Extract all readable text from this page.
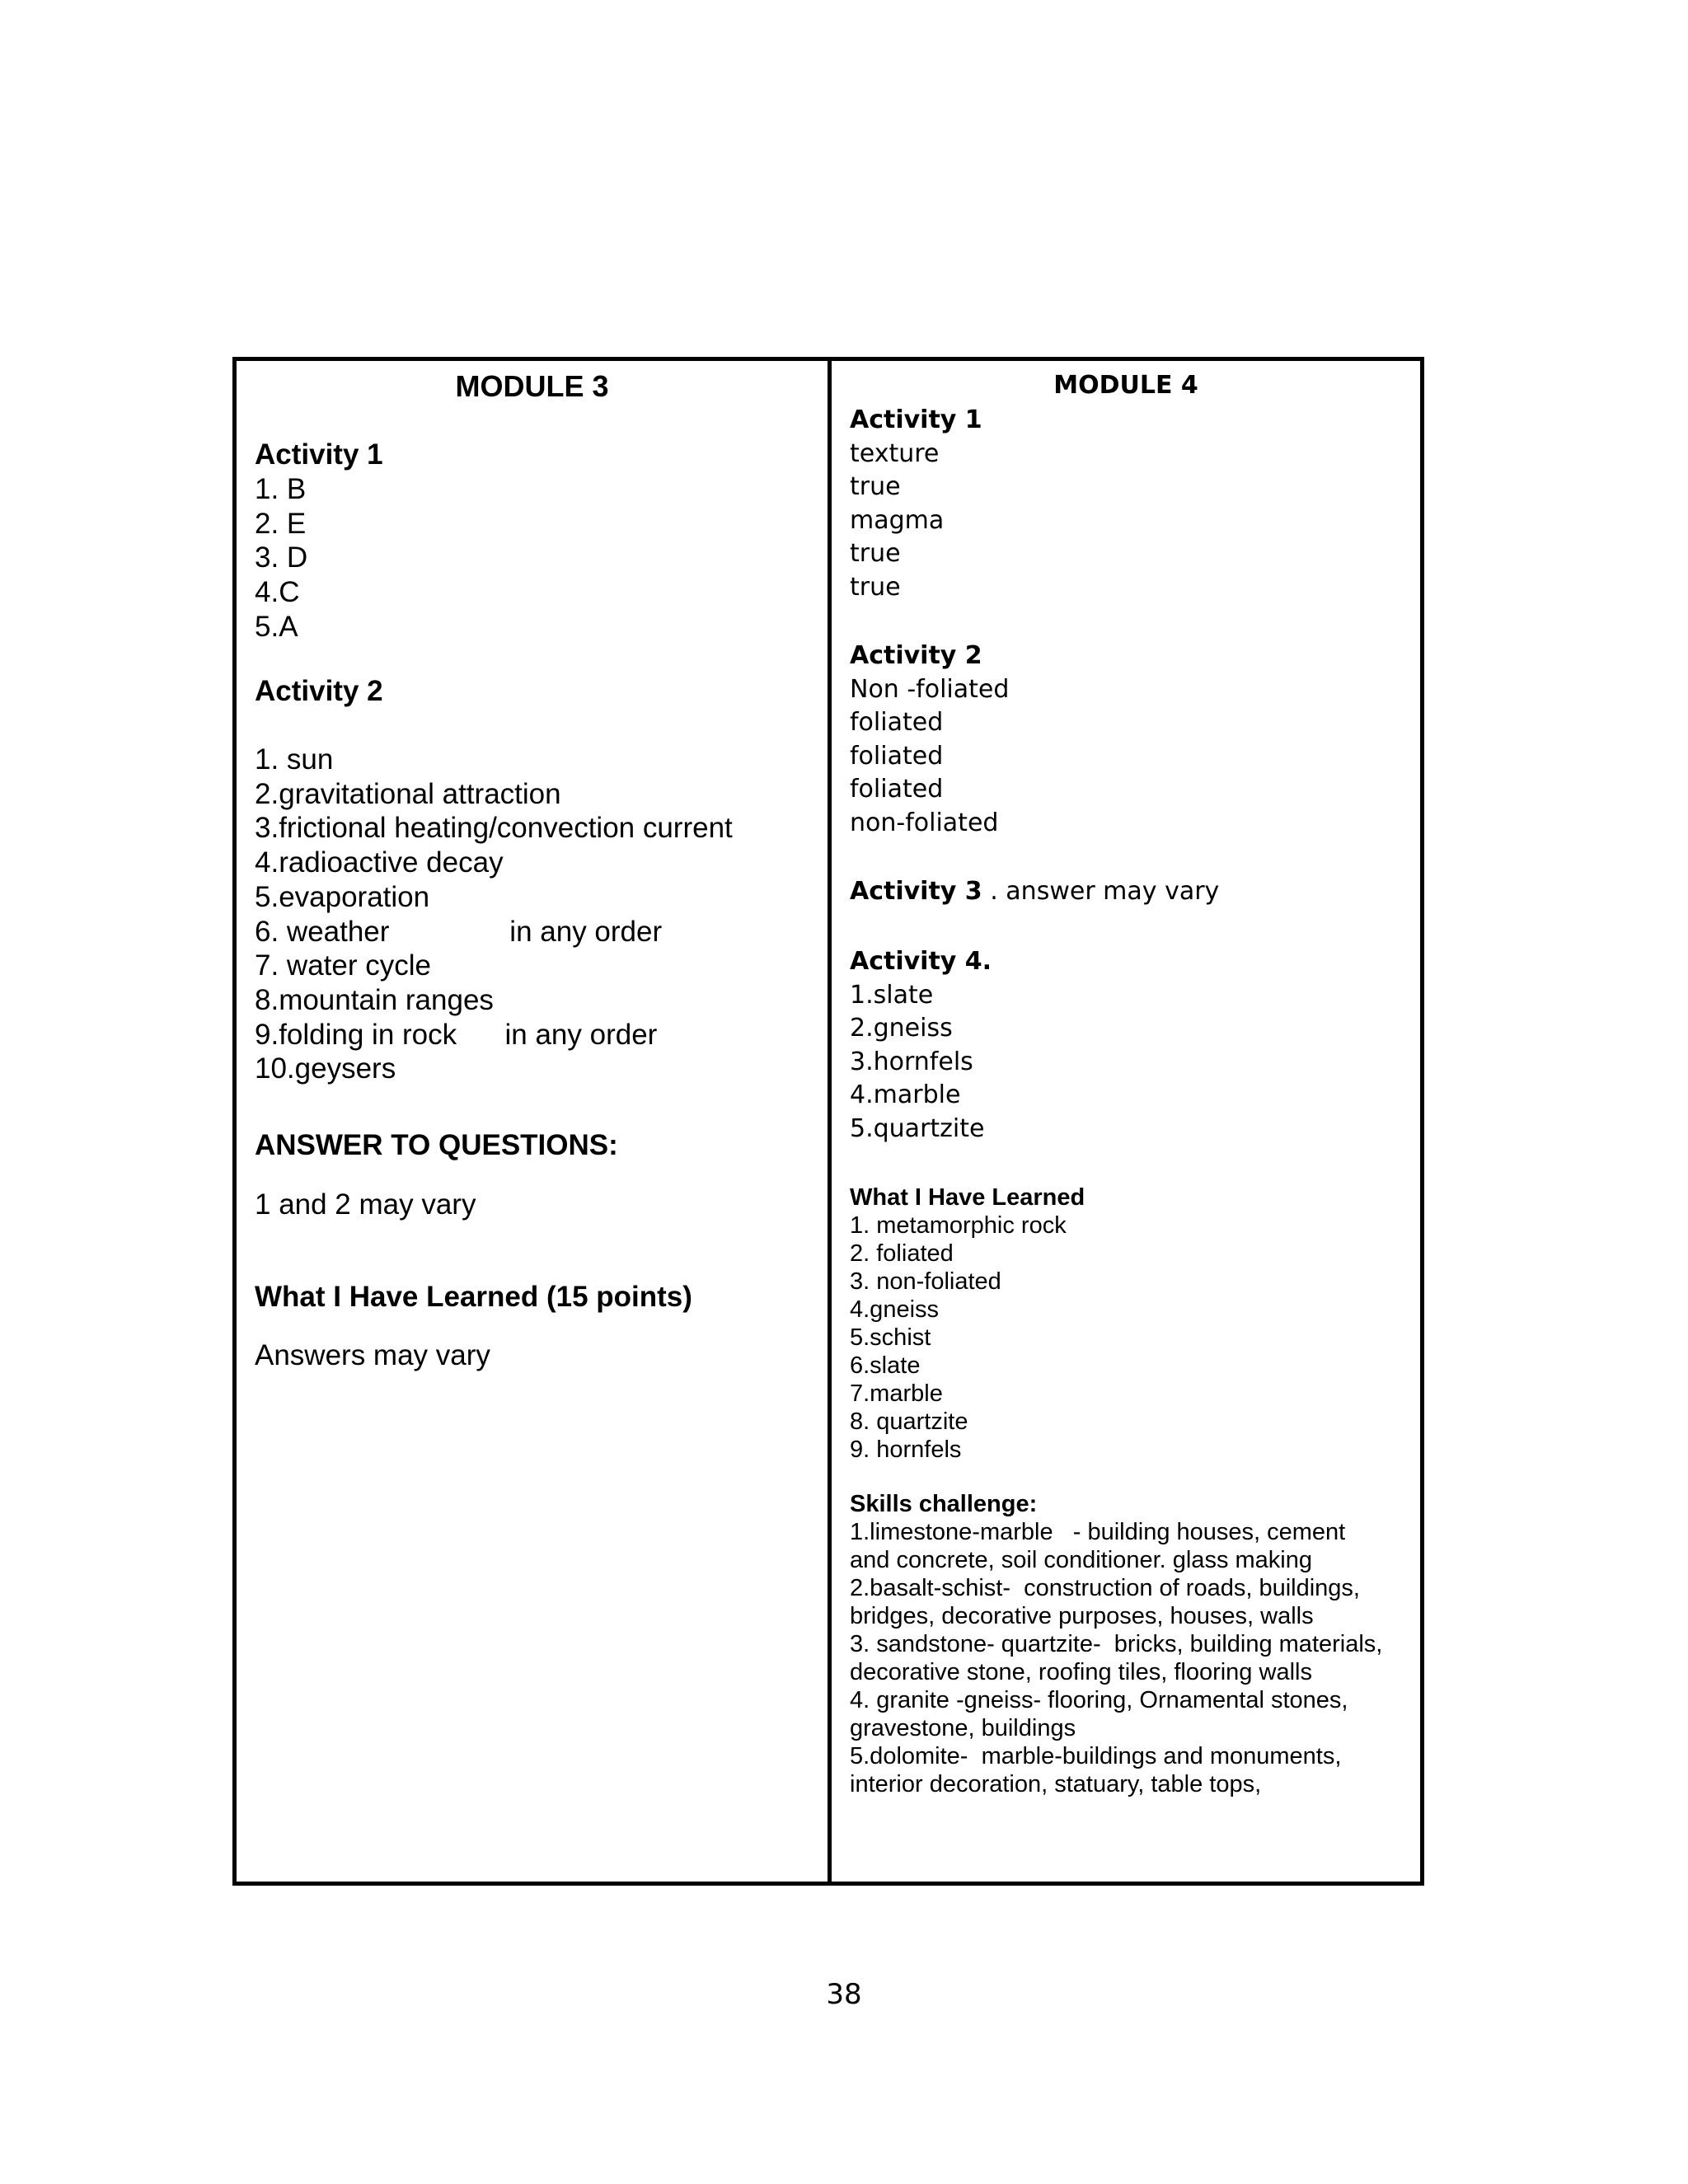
MODULE 3
Activity 1
1. B
2. E
3. D
4.C
5.A
Activity 2
1. sun
2.gravitational attraction
3.frictional heating/convection current
4.radioactive decay
5.evaporation
6. weather               in any order
7. water cycle
8.mountain ranges
9.folding in rock      in any order
10.geysers
ANSWER TO QUESTIONS:
1 and 2 may vary
What I Have Learned (15 points)
Answers may vary
MODULE 4
Activity 1
texture
true
magma
true
true
Activity 2
Non -foliated
foliated
foliated
foliated
non-foliated
Activity 3 . answer may vary
Activity 4.
1.slate
2.gneiss
3.hornfels
4.marble
5.quartzite
What I Have Learned
1. metamorphic rock
2. foliated
3. non-foliated
4.gneiss
5.schist
6.slate
7.marble
8. quartzite
9. hornfels
Skills challenge:
1.limestone-marble   - building houses, cement
and concrete, soil conditioner. glass making
2.basalt-schist-  construction of roads, buildings,
bridges, decorative purposes, houses, walls
3. sandstone- quartzite-  bricks, building materials,
decorative stone, roofing tiles, flooring walls
4. granite -gneiss- flooring, Ornamental stones,
gravestone, buildings
5.dolomite-  marble-buildings and monuments,
interior decoration, statuary, table tops,
38
